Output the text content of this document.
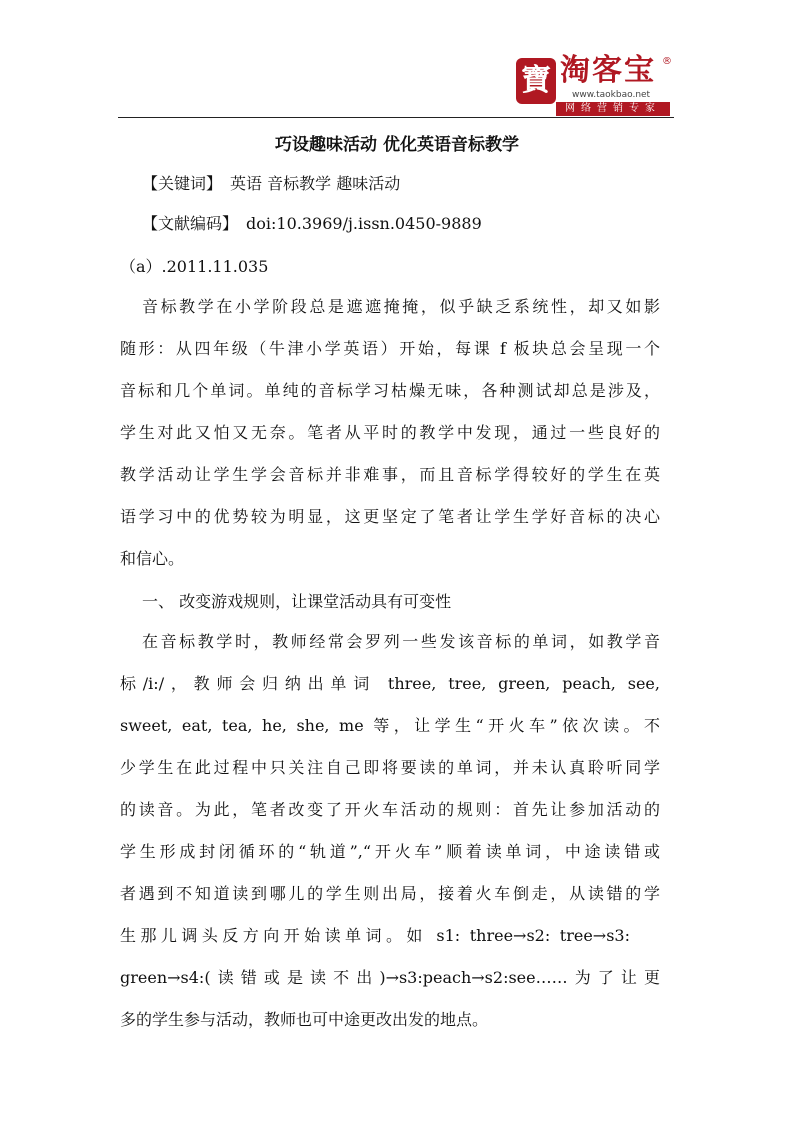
寶 淘客宝 ®
www.taokbao.net
网络营销专家
巧设趣味活动 优化英语音标教学
【关键词】 英语 音标教学 趣味活动
【文献编码】 doi:10.3969/j.issn.0450-9889
（a）.2011.11.035
音标教学在小学阶段总是遮遮掩掩，似乎缺乏系统性，却又如影
随形：从四年级（牛津小学英语）开始，每课 f 板块总会呈现一个
音标和几个单词。单纯的音标学习枯燥无味，各种测试却总是涉及，
学生对此又怕又无奈。笔者从平时的教学中发现，通过一些良好的
教学活动让学生学会音标并非难事，而且音标学得较好的学生在英
语学习中的优势较为明显，这更坚定了笔者让学生学好音标的决心
和信心。
一、 改变游戏规则，让课堂活动具有可变性
在音标教学时，教师经常会罗列一些发该音标的单词，如教学音
标/i:/，教师会归纳出单词 three, tree, green, peach, see,
sweet, eat, tea, he, she, me 等，让学生“开火车”依次读。不
少学生在此过程中只关注自己即将要读的单词，并未认真聆听同学
的读音。为此，笔者改变了开火车活动的规则：首先让参加活动的
学生形成封闭循环的“轨道”,“开火车”顺着读单词，中途读错或
者遇到不知道读到哪儿的学生则出局，接着火车倒走，从读错的学
生那儿调头反方向开始读单词。如 s1: three→s2: tree→s3:
green→s4:(读错或是读不出)→s3:peach→s2:see……为了让更
多的学生参与活动，教师也可中途更改出发的地点。
